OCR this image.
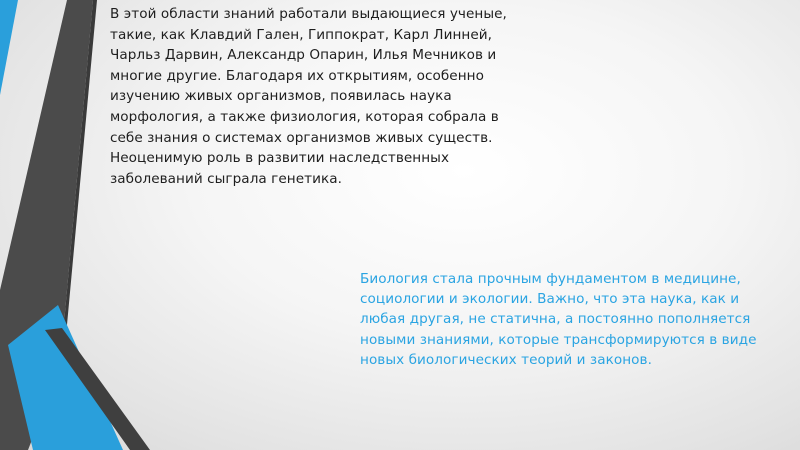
В этой области знаний работали выдающиеся ученые, такие, как Клавдий Гален, Гиппократ, Карл Линней, Чарльз Дарвин, Александр Опарин, Илья Мечников и многие другие. Благодаря их открытиям, особенно изучению живых организмов, появилась наука морфология, а также физиология, которая собрала в себе знания о системах организмов живых существ. Неоценимую роль в развитии наследственных заболеваний сыграла генетика.

Биология стала прочным фундаментом в медицине, социологии и экологии. Важно, что эта наука, как и любая другая, не статична, а постоянно пополняется новыми знаниями, которые трансформируются в виде новых биологических теорий и законов.
